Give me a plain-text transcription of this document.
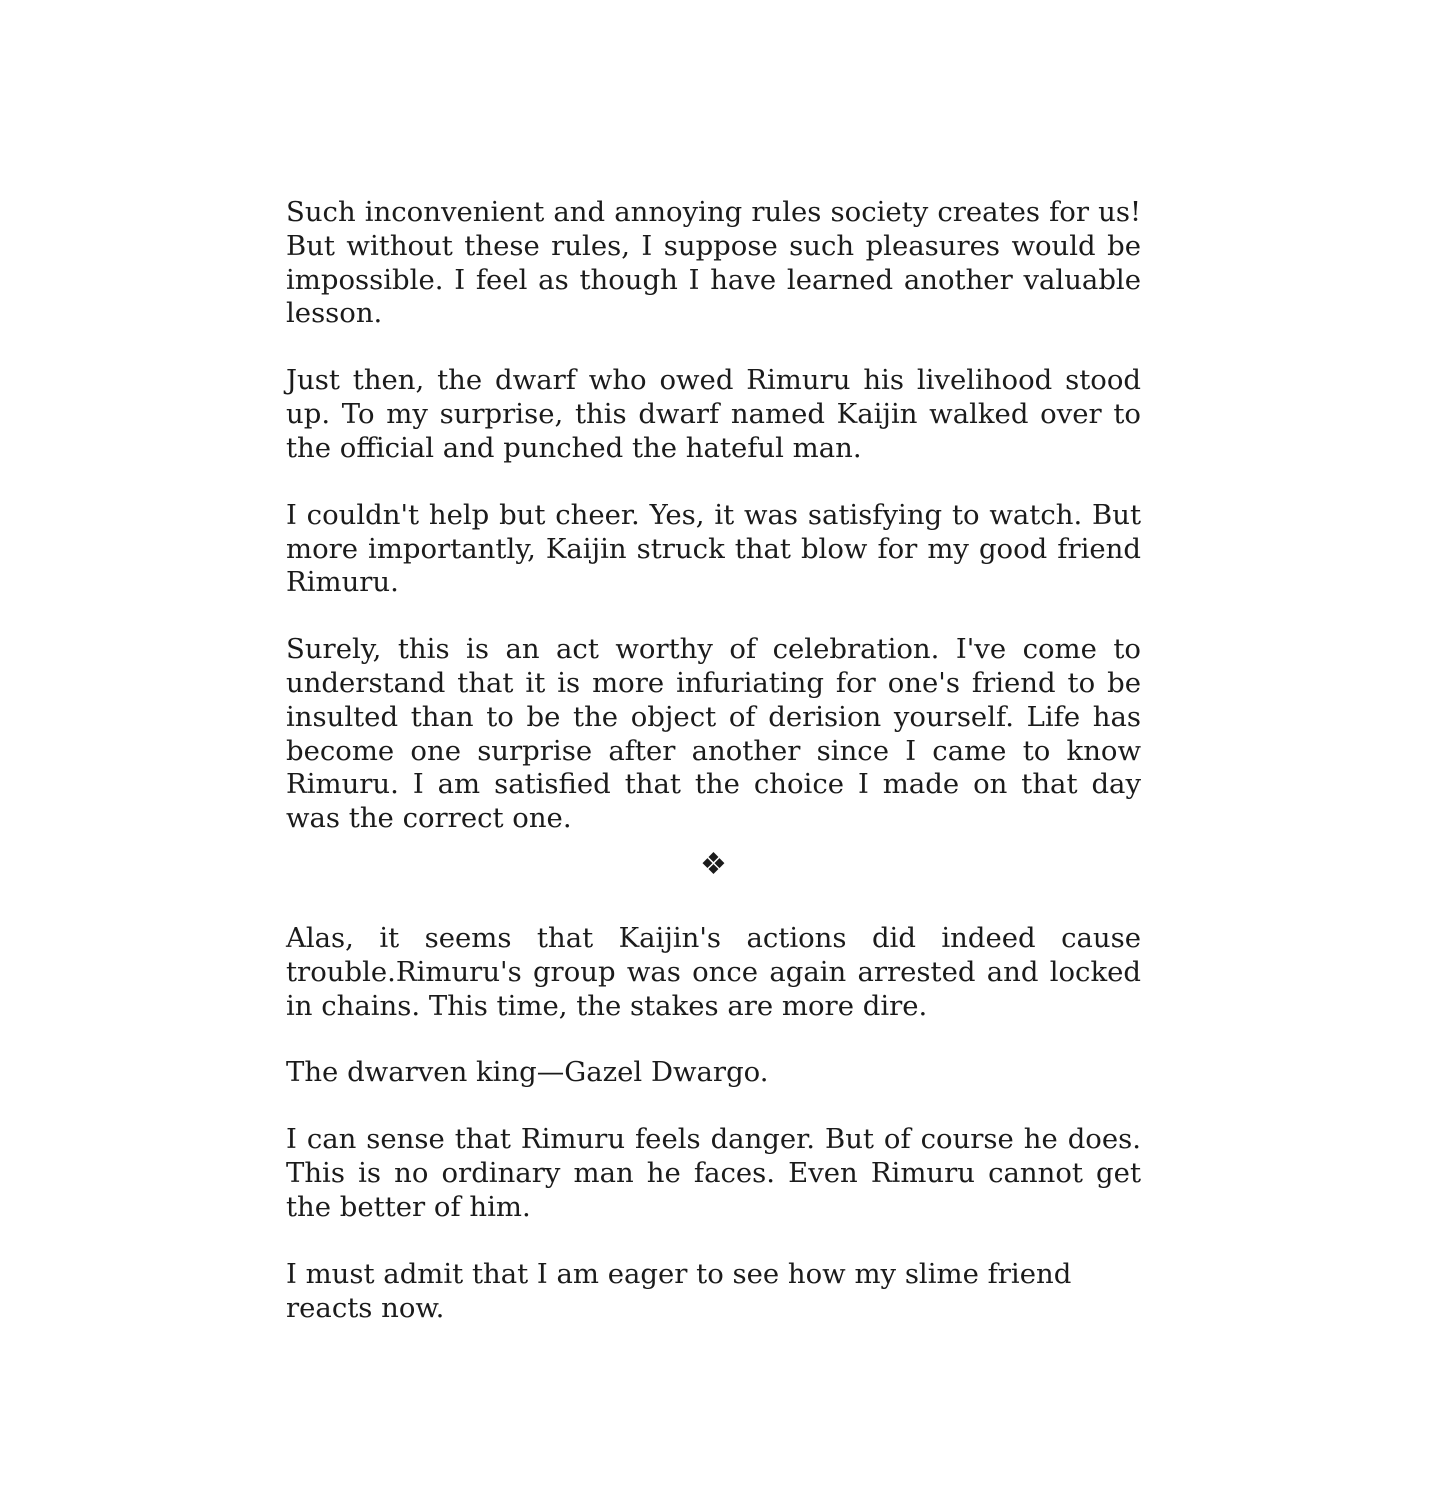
Such inconvenient and annoying rules society creates for us! But without these rules, I suppose such pleasures would be impossible. I feel as though I have learned another valuable lesson.

Just then, the dwarf who owed Rimuru his livelihood stood up. To my surprise, this dwarf named Kaijin walked over to the official and punched the hateful man.

I couldn't help but cheer. Yes, it was satisfying to watch. But more importantly, Kaijin struck that blow for my good friend Rimuru.

Surely, this is an act worthy of celebration. I've come to understand that it is more infuriating for one's friend to be insulted than to be the object of derision yourself. Life has become one surprise after another since I came to know Rimuru. I am satisfied that the choice I made on that day was the correct one.

❖

Alas, it seems that Kaijin's actions did indeed cause trouble.Rimuru's group was once again arrested and locked in chains. This time, the stakes are more dire.

The dwarven king—Gazel Dwargo.

I can sense that Rimuru feels danger. But of course he does. This is no ordinary man he faces. Even Rimuru cannot get the better of him.

I must admit that I am eager to see how my slime friend reacts now.
